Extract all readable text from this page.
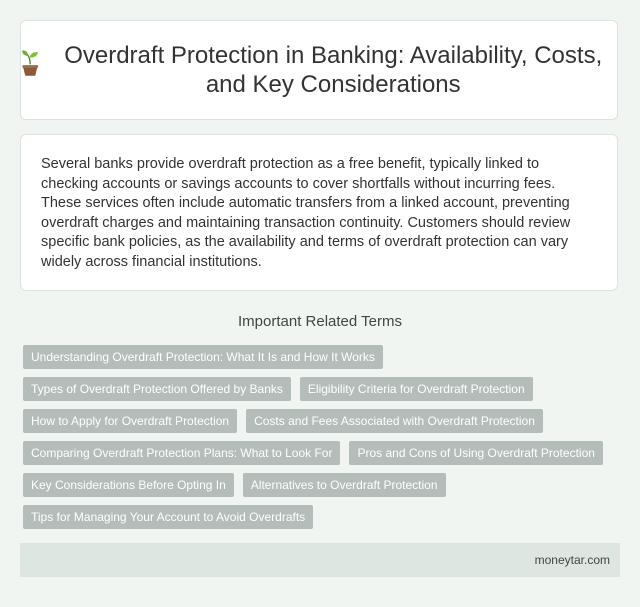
Overdraft Protection in Banking: Availability, Costs, and Key Considerations

Several banks provide overdraft protection as a free benefit, typically linked to checking accounts or savings accounts to cover shortfalls without incurring fees. These services often include automatic transfers from a linked account, preventing overdraft charges and maintaining transaction continuity. Customers should review specific bank policies, as the availability and terms of overdraft protection can vary widely across financial institutions.

Important Related Terms
Understanding Overdraft Protection: What It Is and How It Works
Types of Overdraft Protection Offered by Banks	Eligibility Criteria for Overdraft Protection
How to Apply for Overdraft Protection	Costs and Fees Associated with Overdraft Protection
Comparing Overdraft Protection Plans: What to Look For	Pros and Cons of Using Overdraft Protection
Key Considerations Before Opting In	Alternatives to Overdraft Protection
Tips for Managing Your Account to Avoid Overdrafts
moneytar.com
